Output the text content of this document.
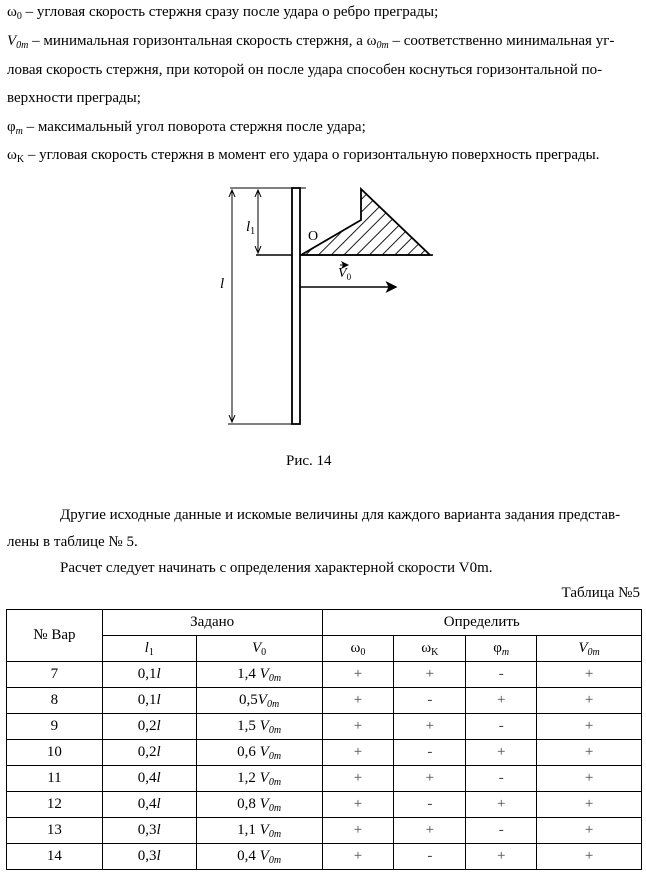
$\omega_0$ – угловая скорость стержня сразу после удара о ребро преграды;
$V_{0m}$ – минимальная горизонтальная скорость стержня, а $\omega_{0m}$ – соответственно минимальная уг-
ловая скорость стержня, при которой он после удара способен коснуться горизонтальной по-
верхности преграды;
$\varphi_m$ – максимальный угол поворота стержня после удара;
$\omega_K$ – угловая скорость стержня в момент его удара о горизонтальную поверхность преграды.
$l_1$
l
O
$V_0$
Рис. 14
Другие исходные данные и искомые величины для каждого варианта задания представ-
лены в таблице № 5.
Расчет следует начинать с определения характерной скорости V0m.
Таблица №5
№ Вар	Задано		Определить			
	$l_1$	$V_0$	$\omega_0$	$\omega_K$	$\varphi_m$	$V_{0m}$
7	0,1l	1,4 $V_{0m}$	+	+	-	+
8	0,1l	$0,5V_{0m}$	+	-	+	+
9	0,2l	1,5 $V_{0m}$	+	+	-	+
10	0,2l	0,6 $V_{0m}$	+	-	+	+
11	0,4l	1,2 $V_{0m}$	+	+	-	+
12	0,4l	0,8 $V_{0m}$	+	-	+	+
13	0,3l	1,1 $V_{0m}$	+	+	-	+
14	0,3l	0,4 $V_{0m}$	+	-	+	+
